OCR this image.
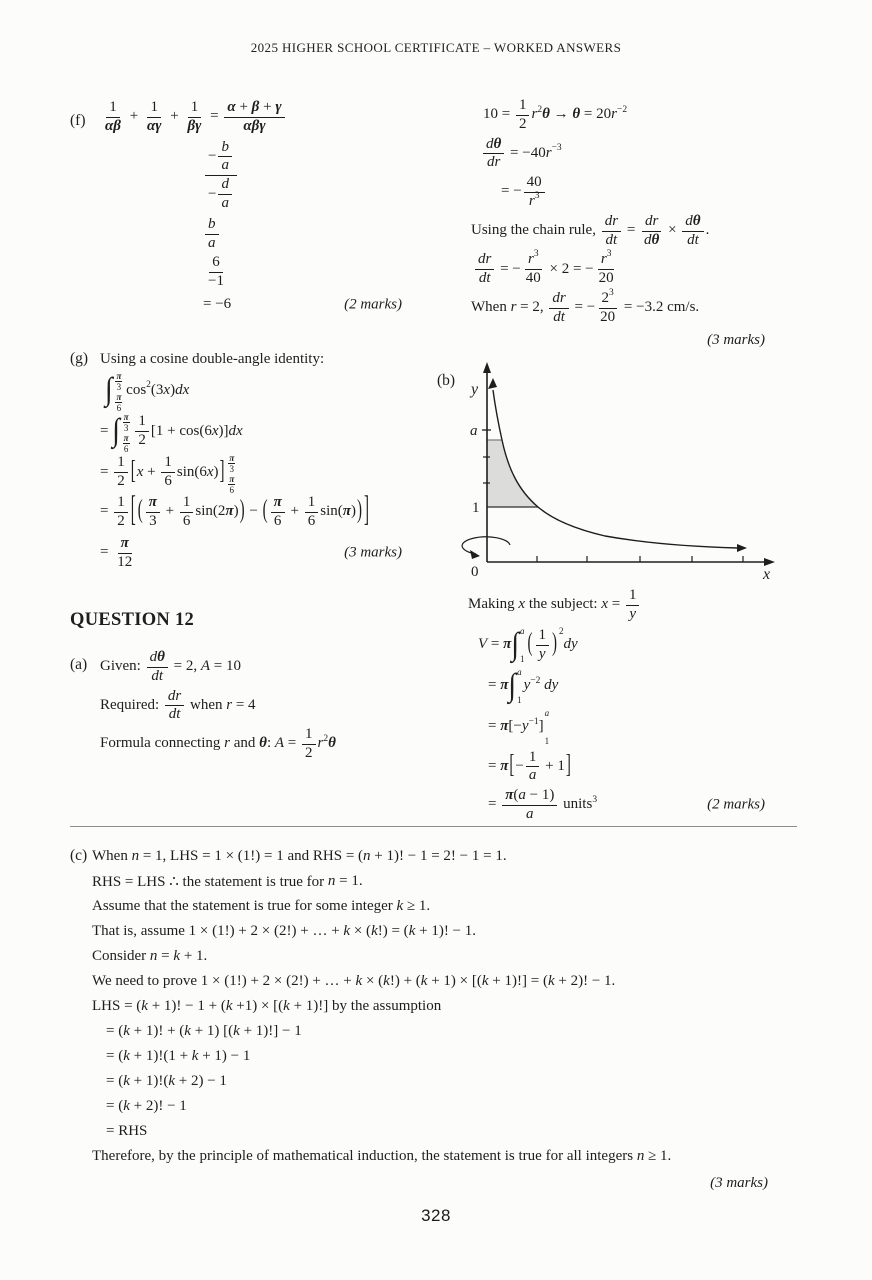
2025 HIGHER SCHOOL CERTIFICATE – WORKED ANSWERS
$(f) \frac{1}{\alpha\beta} + \frac{1}{\alpha\gamma} + \frac{1}{\beta\gamma} = \frac{\alpha + \beta + \gamma}{\text{αβγ}}$
$\frac{- \frac{b}{a}}{- \frac{d}{a}}$
$\frac{b}{a}$
$\frac{6}{-1}$
(2 marks)
= −6
(g) Using a cosine double-angle identity:
∫ $\frac{\pi}{3}$
$\frac{\pi}{6}$
cos 2 (3 x ) dx
= ∫ $\frac{\pi}{3}$
$\frac{\pi}{6} \frac{1}{2} [1 + \cos(6$ x )] dx
= $\frac{1}{2}$ [ $x + \frac{1}{6} \sin(6$ x ) ] $\frac{\pi}{3}$
$\frac{\pi}{6}$
= $\frac{1}{2}$ [ ( $\frac{\pi}{3} + \frac{1}{6} \sin(2$ π ) ) − ( $\frac{\pi}{6} + \frac{1}{6} \sin$( π ) ) ]
(3 marks)
= $\frac{\pi}{12}$
QUESTION 12
(a) Given: $\frac{\text{d θ}}{dt} = 2$, A = 10
Required: $\frac{dr}{dt}$ when r = 4
Formula connecting r and θ : $A = \frac{1}{2}$ r 2 θ
$10 = \frac{1}{2}$ r 2 θ → θ = 20 r −2
$\frac{\text{d θ}}{dr} = -40$ r −3
= − $\frac{40}{r 3}$
Using the chain rule, $\frac{dr}{dt} = \frac{dr}{\text{d θ}} \times \frac{\text{d θ}}{dt}$ .
$\frac{dr}{dt}$ = − $\frac{r 3}{40} \times 2$ = − $\frac{r 3}{20}$
When r = 2, $\frac{dr}{dt}$ = − $\frac{2 3}{20} = -3.2$ cm/s.
(3 marks)
(b)
y
a
1
0	x
Making x the subject: $x = \frac{1}{y}$
V = π ∫ a
1
( $\frac{1}{y}$ ) 2
dy
= π ∫ a
1
y −2
dy
= π [− y −1 ]
a
1
= π [ − $\frac{1}{a} + 1$ ]
(2 marks)
= $\frac{\pi ( a - 1)}{a}$ units 3
(c) When n = 1, LHS = 1 × (1!) = 1 and RHS = ( n + 1)! − 1 = 2! − 1 = 1.
RHS = LHS ∴ the statement is true for n = 1.
Assume that the statement is true for some integer k ≥ 1.
That is, assume 1 × (1!) + 2 × (2!) + … + k × ( k !) = ( k + 1)! − 1.
Consider n = k + 1.
We need to prove 1 × (1!) + 2 × (2!) + … + k × ( k !) + ( k + 1) × [( k + 1)!] = ( k + 2)! − 1.
LHS = ( k + 1)! − 1 + ( k +1) × [( k + 1)!] by the assumption
= ( k + 1)! + ( k + 1) [( k + 1)!] − 1
= ( k + 1)!(1 + k + 1) − 1
= ( k + 1)!( k + 2) − 1
= ( k + 2)! − 1
= RHS
Therefore, by the principle of mathematical induction, the statement is true for all integers n ≥ 1.
(3 marks)
328
